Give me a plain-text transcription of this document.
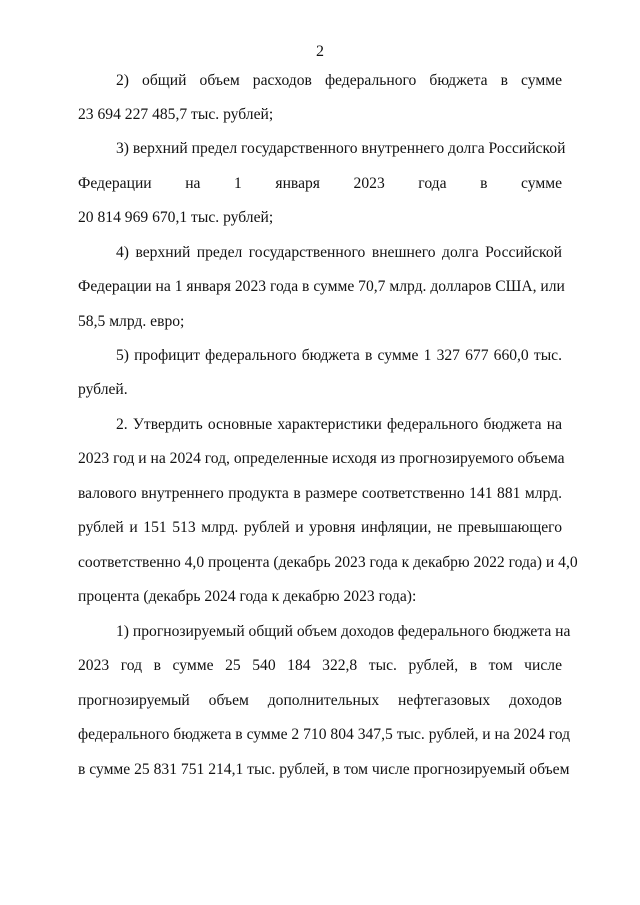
2
2) общий объем расходов федерального бюджета в сумме
23 694 227 485,7 тыс. рублей;
3) верхний предел государственного внутреннего долга Российской
Федерации на 1 января 2023 года в сумме
20 814 969 670,1 тыс. рублей;
4) верхний предел государственного внешнего долга Российской
Федерации на 1 января 2023 года в сумме 70,7 млрд. долларов США, или
58,5 млрд. евро;
5) профицит федерального бюджета в сумме 1 327 677 660,0 тыс.
рублей.
2. Утвердить основные характеристики федерального бюджета на
2023 год и на 2024 год, определенные исходя из прогнозируемого объема
валового внутреннего продукта в размере соответственно 141 881 млрд.
рублей и 151 513 млрд. рублей и уровня инфляции, не превышающего
соответственно 4,0 процента (декабрь 2023 года к декабрю 2022 года) и 4,0
процента (декабрь 2024 года к декабрю 2023 года):
1) прогнозируемый общий объем доходов федерального бюджета на
2023 год в сумме 25 540 184 322,8 тыс. рублей, в том числе
прогнозируемый объем дополнительных нефтегазовых доходов
федерального бюджета в сумме 2 710 804 347,5 тыс. рублей, и на 2024 год
в сумме 25 831 751 214,1 тыс. рублей, в том числе прогнозируемый объем
